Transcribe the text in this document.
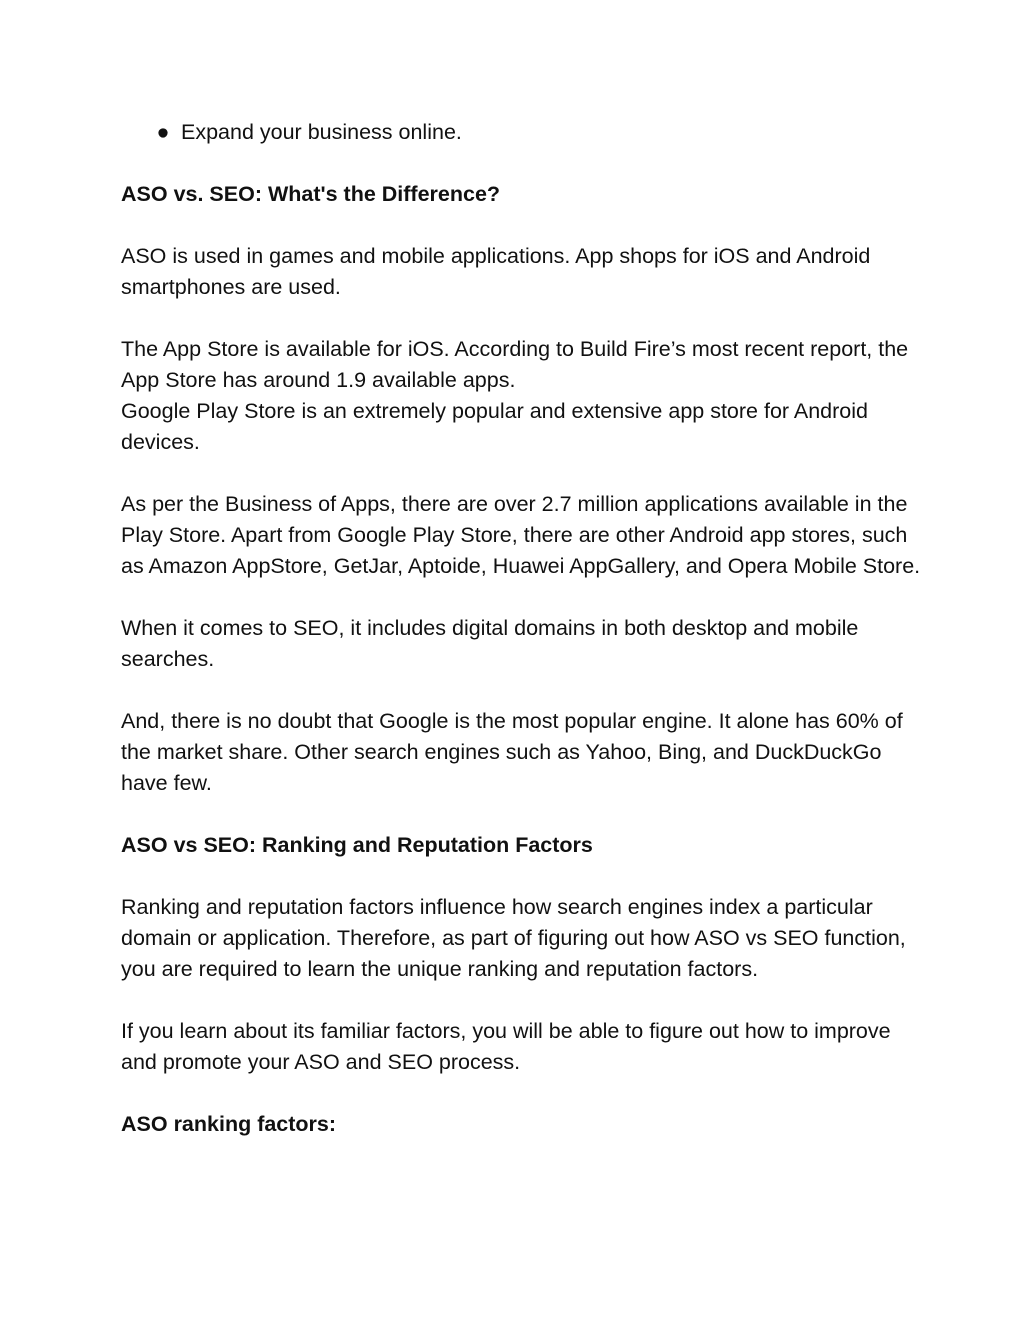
● Expand your business online.
ASO vs. SEO: What's the Difference?

ASO is used in games and mobile applications. App shops for iOS and Android smartphones are used.

The App Store is available for iOS. According to Build Fire’s most recent report, the App Store has around 1.9 available apps.

Google Play Store is an extremely popular and extensive app store for Android devices.

As per the Business of Apps, there are over 2.7 million applications available in the Play Store. Apart from Google Play Store, there are other Android app stores, such as Amazon AppStore, GetJar, Aptoide, Huawei AppGallery, and Opera Mobile Store.

When it comes to SEO, it includes digital domains in both desktop and mobile searches.

And, there is no doubt that Google is the most popular engine. It alone has 60% of the market share. Other search engines such as Yahoo, Bing, and DuckDuckGo have few.

ASO vs SEO: Ranking and Reputation Factors

Ranking and reputation factors influence how search engines index a particular domain or application. Therefore, as part of figuring out how ASO vs SEO function, you are required to learn the unique ranking and reputation factors.

If you learn about its familiar factors, you will be able to figure out how to improve and promote your ASO and SEO process.

ASO ranking factors:
